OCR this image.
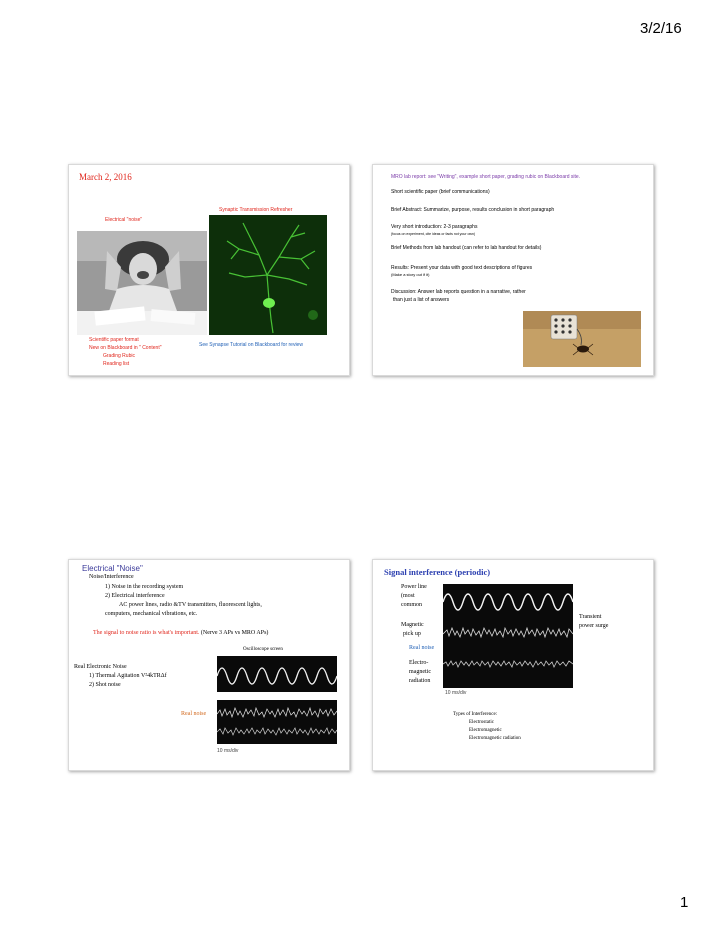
3/2/16
March 2, 2016
Electrical "noise"
Synaptic Transmission Refresher
Scientific paper format
New on Blackboard in " Content"
Grading Rubic
Reading list
See Synapse Tutorial on Blackboard for review
MRO lab report: see "Writing", example short paper, grading rubic on Blackboard site.
Short scientific paper (brief communications)
Brief Abstract: Summarize, purpose, results conclusion in short paragraph
Very short introduction: 2-3 paragraphs
(focus on experiment, cite ideas or facts not your own)
Brief Methods from lab handout (can refer to lab handout for details)
Results: Present your data with good text descriptions of figures
(Make a story out if it)
Discussion: Answer lab reports question in a narrative, rather
than just a list of answers
Electrical "Noise"
Noise/Interference
1) Noise in the recording system
2) Electrical interference
AC power lines, radio &TV transmitters, fluorescent lights,
computers, mechanical vibrations, etc.
The signal to noise ratio is what's important. (Nerve 3 APs vs MRO APs)
Oscilloscope screen
Real Electronic Noise
1) Thermal Agitation V²4kTRΔf
2) Shot noise
Real noise
10 ms/div
Signal interference (periodic)
Power line
(most
common
Magnetic
pick up
Real noise
Electro-
magnetic
radiation
Transient
power surge
10 ms/div
Types of Interference:
Electrostatic
Electromagnetic
Electromagnetic radiation
1
